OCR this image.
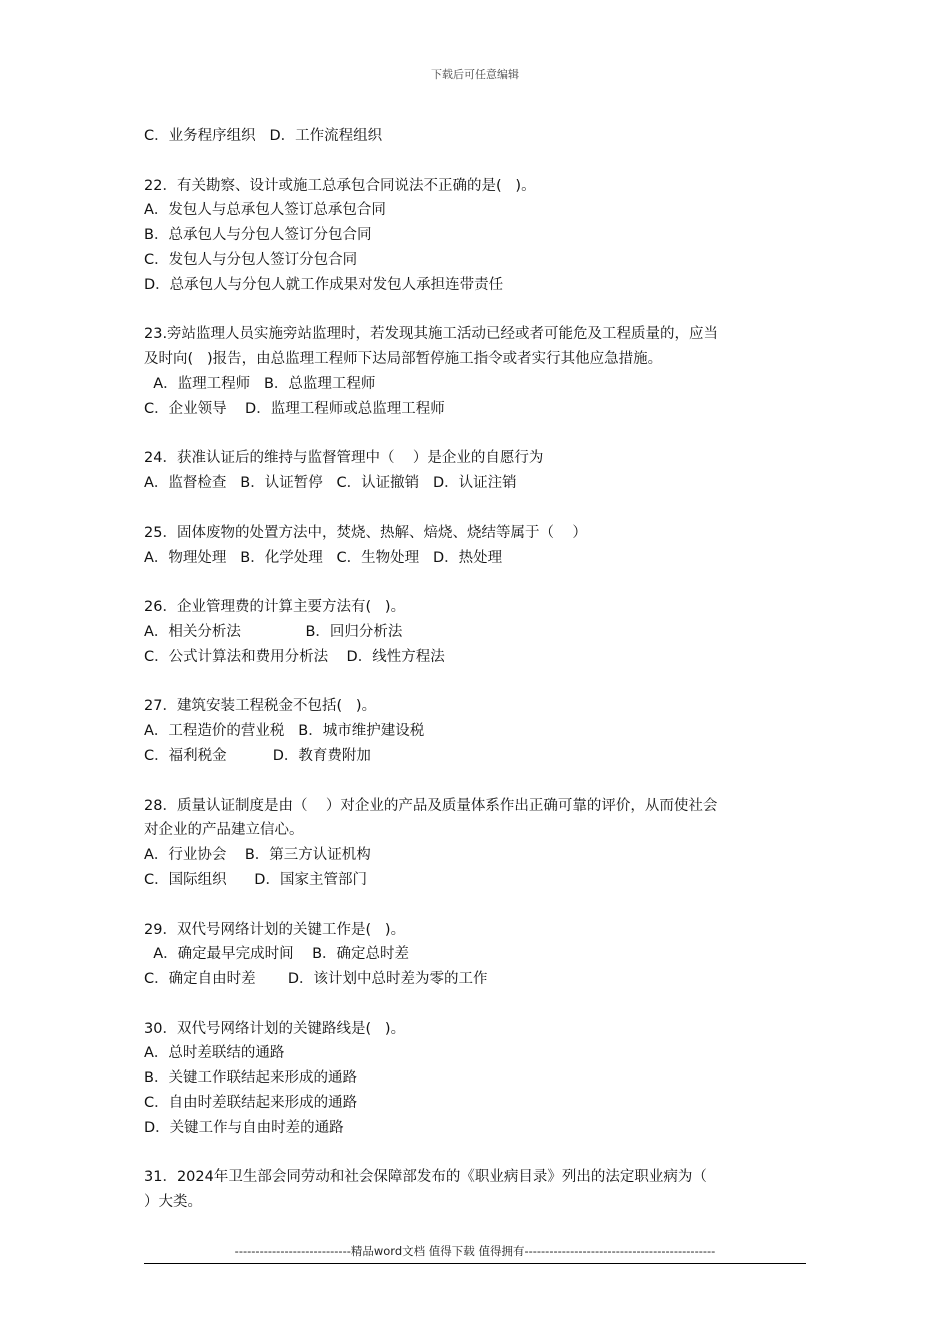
下载后可任意编辑
C．业务程序组织   D．工作流程组织
22．有关勘察、设计或施工总承包合同说法不正确的是(   )。
A．发包人与总承包人签订总承包合同
B．总承包人与分包人签订分包合同
C．发包人与分包人签订分包合同
D．总承包人与分包人就工作成果对发包人承担连带责任
23.旁站监理人员实施旁站监理时，若发现其施工活动已经或者可能危及工程质量的，应当
及时向(   )报告，由总监理工程师下达局部暂停施工指令或者实行其他应急措施。
A．监理工程师   B．总监理工程师
C．企业领导    D．监理工程师或总监理工程师
24．获准认证后的维持与监督管理中（    ）是企业的自愿行为
A．监督检查   B．认证暂停   C．认证撤销   D．认证注销
25．固体废物的处置方法中，焚烧、热解、焙烧、烧结等属于（    ）
A．物理处理   B．化学处理   C．生物处理   D．热处理
26．企业管理费的计算主要方法有(   )。
A．相关分析法              B．回归分析法
C．公式计算法和费用分析法    D．线性方程法
27．建筑安装工程税金不包括(   )。
A．工程造价的营业税   B．城市维护建设税
C．福利税金          D．教育费附加
28．质量认证制度是由（    ）对企业的产品及质量体系作出正确可靠的评价，从而使社会
对企业的产品建立信心。
A．行业协会    B．第三方认证机构
C．国际组织      D．国家主管部门
29．双代号网络计划的关键工作是(   )。
A．确定最早完成时间    B．确定总时差
C．确定自由时差       D．该计划中总时差为零的工作
30．双代号网络计划的关键路线是(   )。
A．总时差联结的通路
B．关键工作联结起来形成的通路
C．自由时差联结起来形成的通路
D．关键工作与自由时差的通路
31．2024年卫生部会同劳动和社会保障部发布的《职业病目录》列出的法定职业病为（
）大类。
----------------------------精品word文档 值得下载 值得拥有----------------------------------------------
